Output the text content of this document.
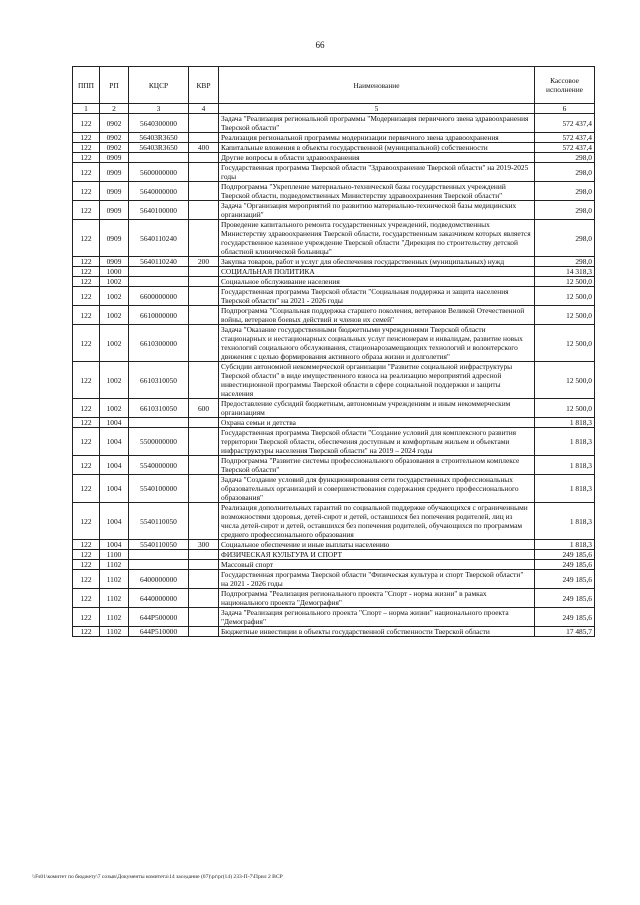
66
ППП	РП	КЦСР	КВР	Наименование	Кассовое исполнение
1	2	3	4	5	6
122	0902	5640300000		Задача "Реализация региональной программы "Модернизация первичного звена здравоохранения Тверской области"	572 437,4
122	0902	56403R3650		Реализация региональной программы модернизации первичного звена здравоохранения	572 437,4
122	0902	56403R3650	400	Капитальные вложения в объекты государственной (муниципальной) собственности	572 437,4
122	0909			Другие вопросы в области здравоохранения	298,0
122	0909	5600000000		Государственная программа Тверской области "Здравоохранение Тверской области" на 2019-2025 годы	298,0
122	0909	5640000000		Подпрограмма "Укрепление материально-технической базы государственных учреждений Тверской области, подведомственных Министерству здравоохранения Тверской области"	298,0
122	0909	5640100000		Задача "Организация мероприятий по развитию материально-технической базы медицинских организаций"	298,0
122	0909	5640110240		Проведение капитального ремонта государственных учреждений, подведомственных Министерству здравоохранения Тверской области, государственным заказчиком которых является государственное казенное учреждение Тверской области "Дирекция по строительству детской областной клинической больницы"	298,0
122	0909	5640110240	200	Закупка товаров, работ и услуг для обеспечения государственных (муниципальных) нужд	298,0
122	1000			СОЦИАЛЬНАЯ ПОЛИТИКА	14 318,3
122	1002			Социальное обслуживание населения	12 500,0
122	1002	6600000000		Государственная программа Тверской области "Социальная поддержка и защита населения Тверской области" на 2021 - 2026 годы	12 500,0
122	1002	6610000000		Подпрограмма "Социальная поддержка старшего поколения, ветеранов Великой Отечественной войны, ветеранов боевых действий и членов их семей"	12 500,0
122	1002	6610300000		Задача "Оказание государственными бюджетными учреждениями Тверской области стационарных и нестационарных социальных услуг пенсионерам и инвалидам, развитие новых технологий социального обслуживания, стационарозамещающих технологий и волонтерского движения с целью формирования активного образа жизни и долголетия"	12 500,0
122	1002	6610310050		Субсидии автономной некоммерческой организации "Развитие социальной инфраструктуры Тверской области" в виде имущественного взноса на реализацию мероприятий адресной инвестиционной программы Тверской области в сфере социальной поддержки и защиты населения	12 500,0
122	1002	6610310050	600	Предоставление субсидий бюджетным, автономным учреждениям и иным некоммерческим организациям	12 500,0
122	1004			Охрана семьи и детства	1 818,3
122	1004	5500000000		Государственная программа Тверской области "Создание условий для комплексного развития территории Тверской области, обеспечения доступным и комфортным жильем и объектами инфраструктуры населения Тверской области" на 2019 – 2024 годы	1 818,3
122	1004	5540000000		Подпрограмма "Развитие системы профессионального образования в строительном комплексе Тверской области"	1 818,3
122	1004	5540100000		Задача "Создание условий для функционирования сети государственных профессиональных образовательных организаций и совершенствования содержания среднего профессионального образования"	1 818,3
122	1004	5540110050		Реализация дополнительных гарантий по социальной поддержке обучающихся с ограниченными возможностями здоровья, детей-сирот и детей, оставшихся без попечения родителей, лиц из числа детей-сирот и детей, оставшихся без попечения родителей, обучающихся по программам среднего профессионального образования	1 818,3
122	1004	5540110050	300	Социальное обеспечение и иные выплаты населению	1 818,3
122	1100			ФИЗИЧЕСКАЯ КУЛЬТУРА И СПОРТ	249 185,6
122	1102			Массовый спорт	249 185,6
122	1102	6400000000		Государственная программа Тверской области "Физическая культура и спорт Тверской области" на 2021 - 2026 годы	249 185,6
122	1102	6440000000		Подпрограмма "Реализация регионального проекта "Спорт - норма жизни" в рамках национального проекта "Демография"	249 185,6
122	1102	644P500000		Задача "Реализация регионального проекта "Спорт – норма жизни" национального проекта "Демография"	249 185,6
122	1102	644P510000		Бюджетные инвестиции в объекты государственной собственности Тверской области	17 485,7
\\Fs01\комитет по бюджету\7 созыв\Документы комитета\14 заседание (07)\pr\pr(14) 233-П-7\Прил 2 ВСР
